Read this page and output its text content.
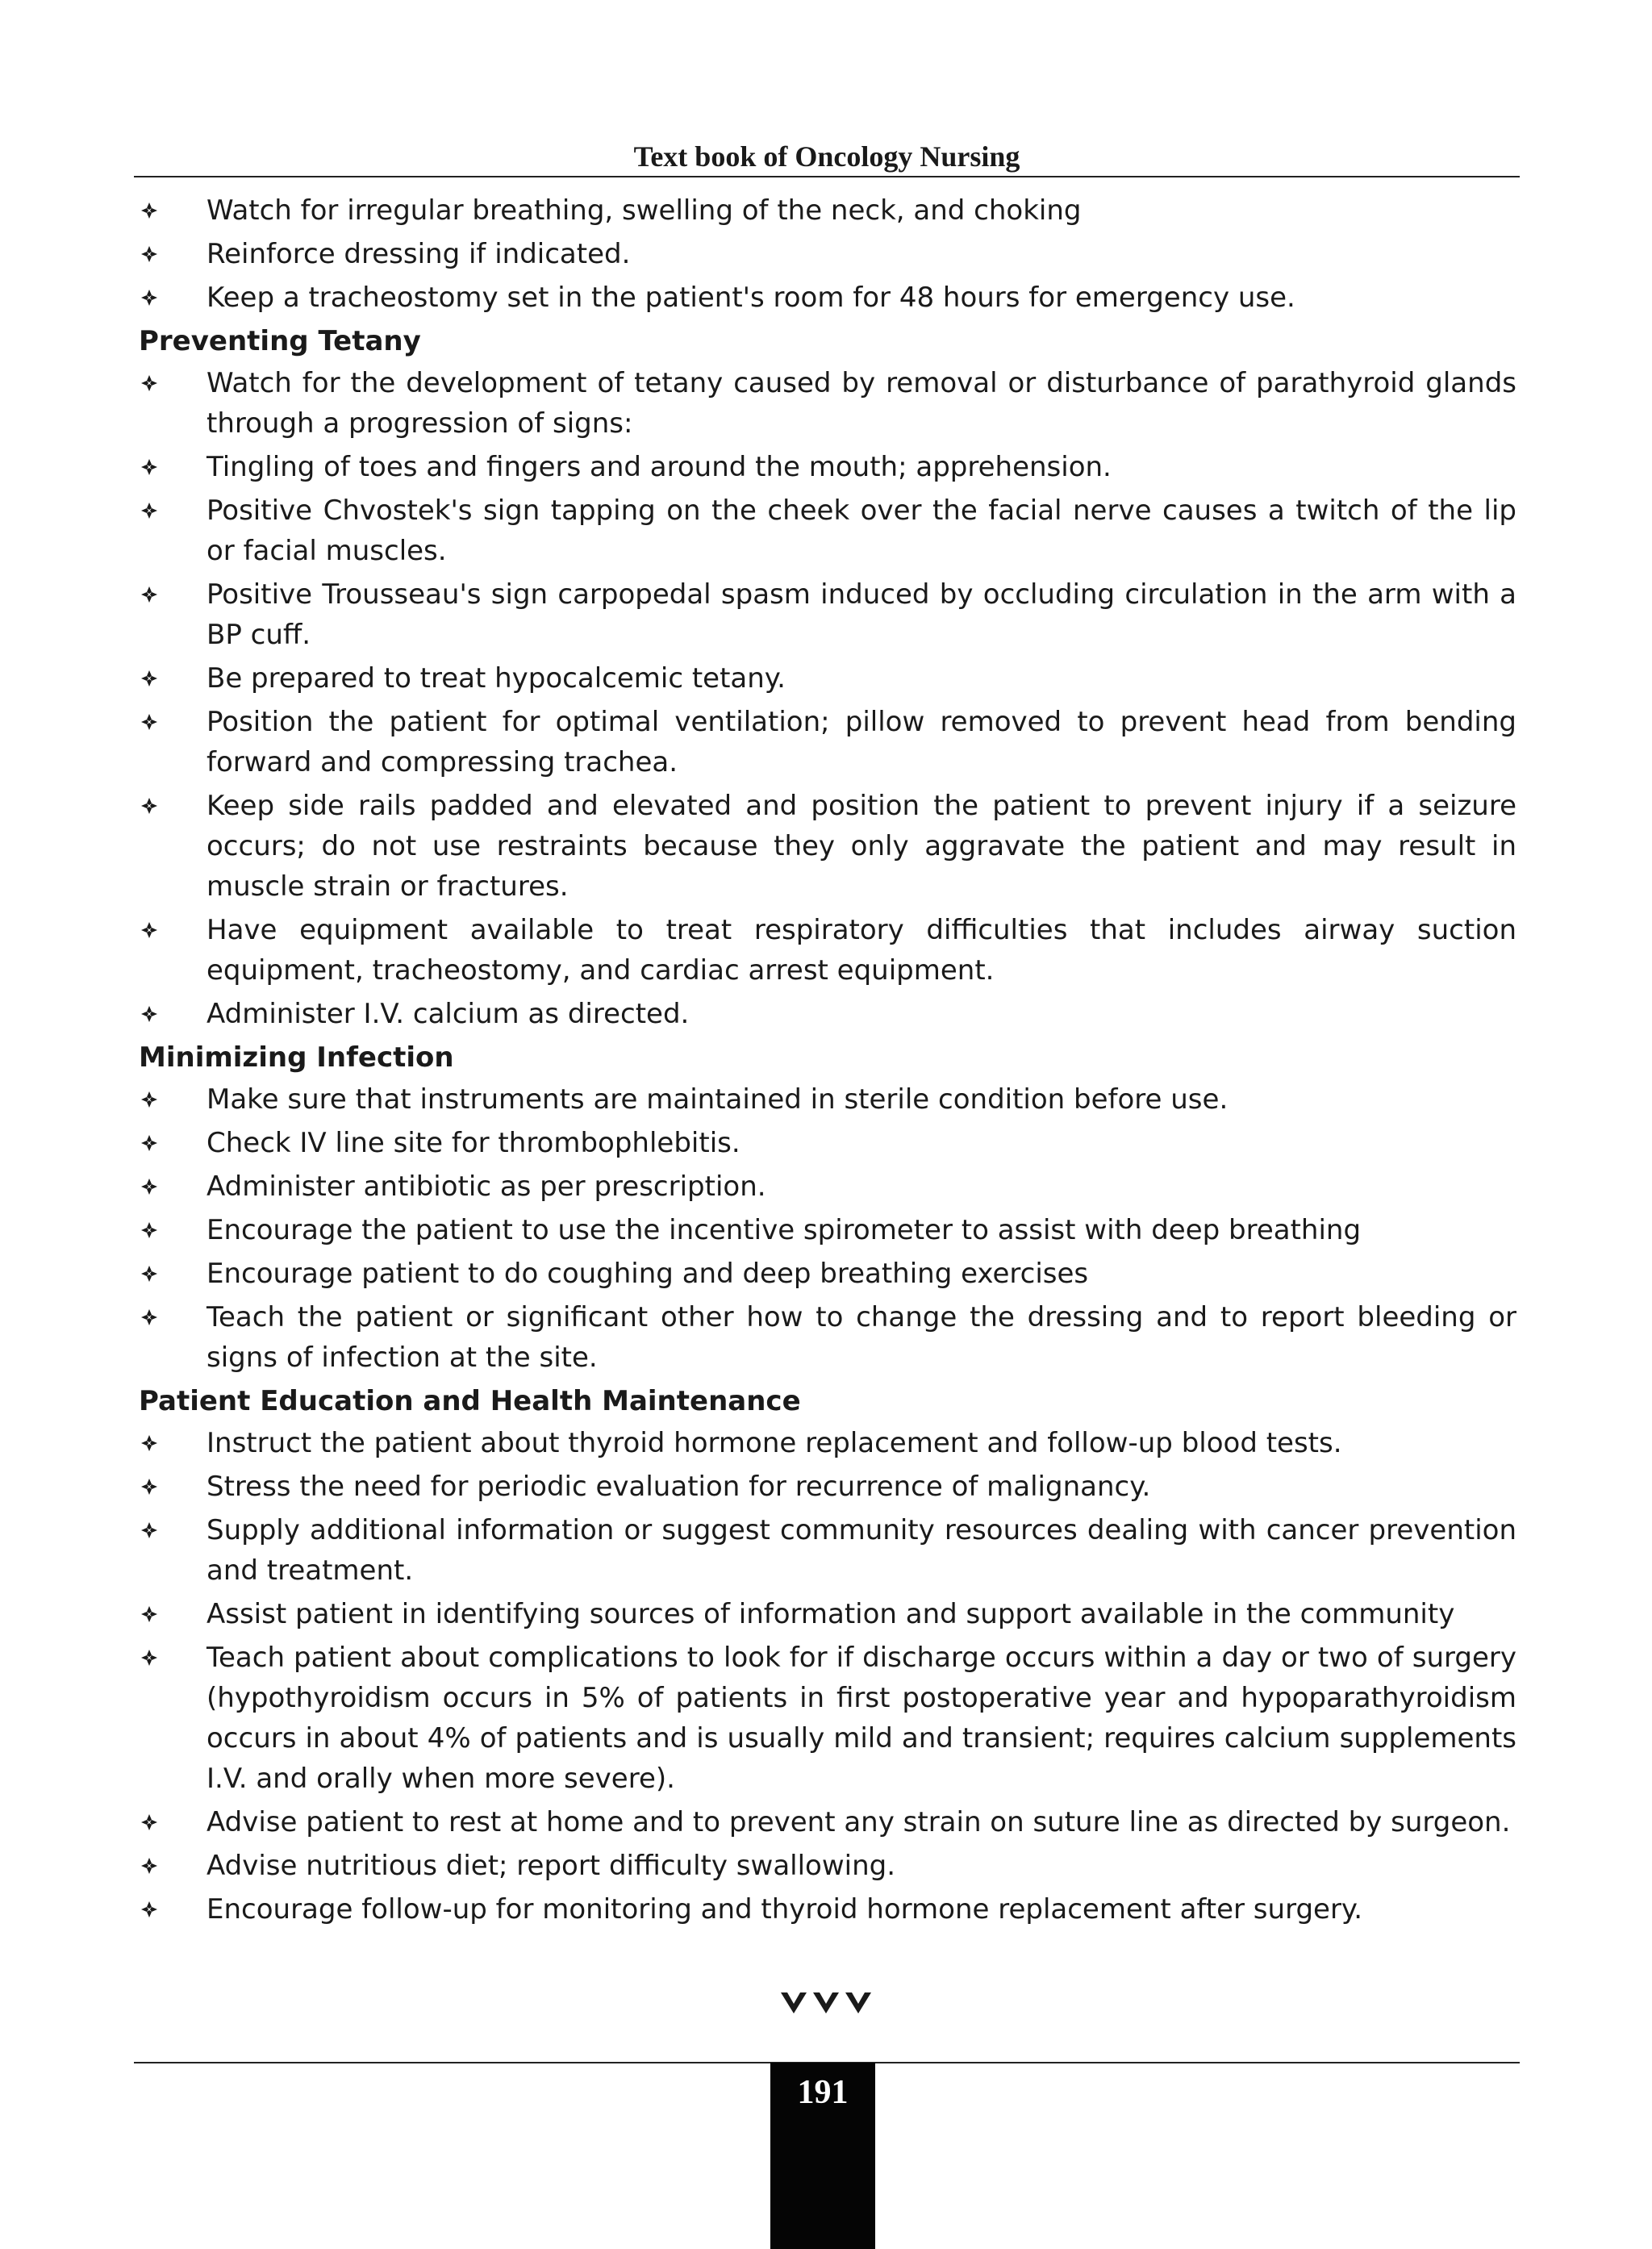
Text book of Oncology Nursing
Watch for irregular breathing, swelling of the neck, and choking
Reinforce dressing if indicated.
Keep a tracheostomy set in the patient's room for 48 hours for emergency use.
Preventing Tetany
Watch for the development of tetany caused by removal or disturbance of parathyroid glands through a progression of signs:
Tingling of toes and fingers and around the mouth; apprehension.
Positive Chvostek's sign tapping on the cheek over the facial nerve causes a twitch of the lip or facial muscles.
Positive Trousseau's sign carpopedal spasm induced by occluding circulation in the arm with a BP cuff.
Be prepared to treat hypocalcemic tetany.
Position the patient for optimal ventilation; pillow removed to prevent head from bending forward and compressing trachea.
Keep side rails padded and elevated and position the patient to prevent injury if a seizure occurs; do not use restraints because they only aggravate the patient and may result in muscle strain or fractures.
Have equipment available to treat respiratory difficulties that includes airway suction equipment, tracheostomy, and cardiac arrest equipment.
Administer I.V. calcium as directed.
Minimizing Infection
Make sure that instruments are maintained in sterile condition before use.
Check IV line site for thrombophlebitis.
Administer antibiotic as per prescription.
Encourage the patient to use the incentive spirometer to assist with deep breathing
Encourage patient to do coughing and deep breathing exercises
Teach the patient or significant other how to change the dressing and to report bleeding or signs of infection at the site.
Patient Education and Health Maintenance
Instruct the patient about thyroid hormone replacement and follow-up blood tests.
Stress the need for periodic evaluation for recurrence of malignancy.
Supply additional information or suggest community resources dealing with cancer prevention and treatment.
Assist patient in identifying sources of information and support available in the community
Teach patient about complications to look for if discharge occurs within a day or two of surgery (hypothyroidism occurs in 5% of patients in first postoperative year and hypoparathyroidism occurs in about 4% of patients and is usually mild and transient; requires calcium supplements I.V. and orally when more severe).
Advise patient to rest at home and to prevent any strain on suture line as directed by surgeon.
Advise nutritious diet; report difficulty swallowing.
Encourage follow-up for monitoring and thyroid hormone replacement after surgery.
191
